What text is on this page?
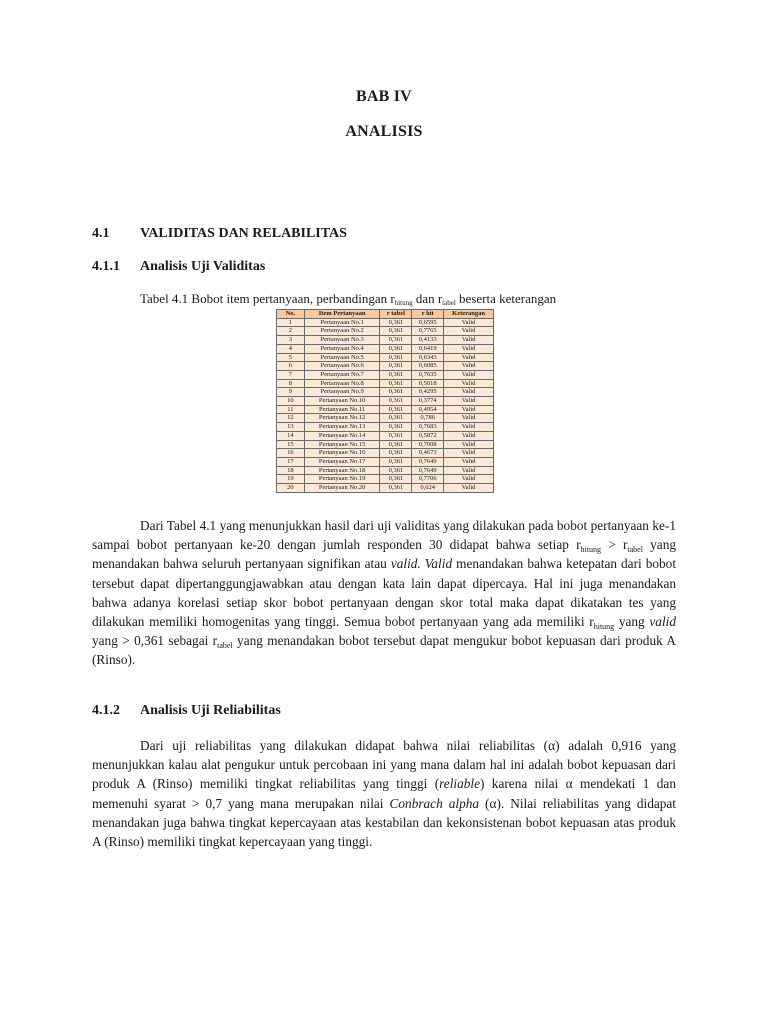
BAB IV
ANALISIS
4.1 VALIDITAS DAN RELABILITAS
4.1.1 Analisis Uji Validitas
Tabel 4.1 Bobot item pertanyaan, perbandingan $r_{hitung}$ dan $r_{tabel}$ beserta keterangan
No.	Item Pertanyaan	r tabel	r hit	Keterangan
1	Pertanyaan No.1	0,361	0,6595	Valid
2	Pertanyaan No.2	0,361	0,7765	Valid
3	Pertanyaan No.3	0,361	0,4133	Valid
4	Pertanyaan No.4	0,361	0,6419	Valid
5	Pertanyaan No.5	0,361	0,6343	Valid
6	Pertanyaan No.6	0,361	0,6085	Valid
7	Pertanyaan No.7	0,361	0,7635	Valid
8	Pertanyaan No.8	0,361	0,5018	Valid
9	Pertanyaan No.9	0,361	0,4295	Valid
10	Pertanyaan No.10	0,361	0,3774	Valid
11	Pertanyaan No.11	0,361	0,4954	Valid
12	Pertanyaan No.12	0,361	0,786	Valid
13	Pertanyaan No.13	0,361	0,7683	Valid
14	Pertanyaan No.14	0,361	0,5872	Valid
15	Pertanyaan No.15	0,361	0,7008	Valid
16	Pertanyaan No.16	0,361	0,4673	Valid
17	Pertanyaan No.17	0,361	0,7649	Valid
18	Pertanyaan No.18	0,361	0,7649	Valid
19	Pertanyaan No.19	0,361	0,7706	Valid
20	Pertanyaan No.20	0,361	0,624	Valid

Dari Tabel 4.1 yang menunjukkan hasil dari uji validitas yang dilakukan pada bobot pertanyaan ke-1 sampai bobot pertanyaan ke-20 dengan jumlah responden 30 didapat bahwa setiap $r_{hitung} > r_{tabel}$ yang menandakan bahwa seluruh pertanyaan signifikan atau valid. Valid menandakan bahwa ketepatan dari bobot tersebut dapat dipertanggungjawabkan atau dengan kata lain dapat dipercaya. Hal ini juga menandakan bahwa adanya korelasi setiap skor bobot pertanyaan dengan skor total maka dapat dikatakan tes yang dilakukan memiliki homogenitas yang tinggi. Semua bobot pertanyaan yang ada memiliki $r_{hitung}$ yang valid yang > 0,361 sebagai $r_{tabel}$ yang menandakan bobot tersebut dapat mengukur bobot kepuasan dari produk A (Rinso).

4.1.2 Analisis Uji Reliabilitas

Dari uji reliabilitas yang dilakukan didapat bahwa nilai reliabilitas (α) adalah 0,916 yang menunjukkan kalau alat pengukur untuk percobaan ini yang mana dalam hal ini adalah bobot kepuasan dari produk A (Rinso) memiliki tingkat reliabilitas yang tinggi (reliable) karena nilai α mendekati 1 dan memenuhi syarat > 0,7 yang mana merupakan nilai Conbrach alpha (α). Nilai reliabilitas yang didapat menandakan juga bahwa tingkat kepercayaan atas kestabilan dan kekonsistenan bobot kepuasan atas produk A (Rinso) memiliki tingkat kepercayaan yang tinggi.
